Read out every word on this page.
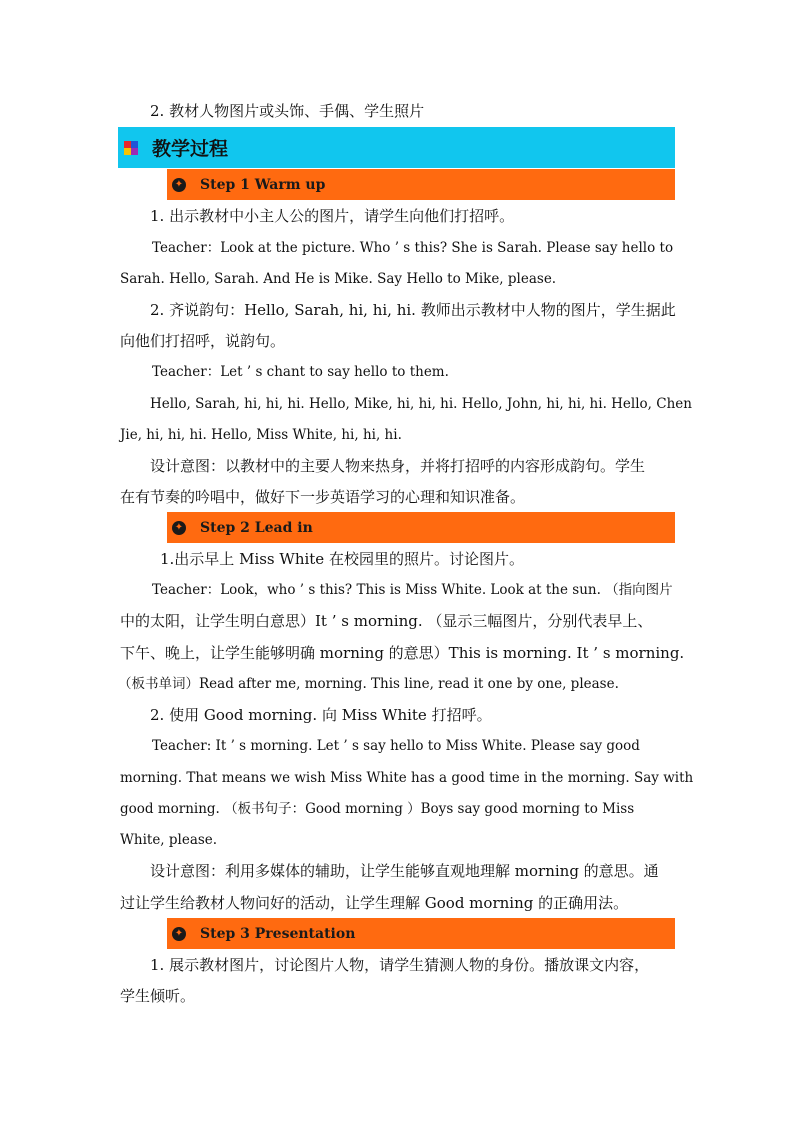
2. 教材人物图片或头饰、手偶、学生照片
教学过程
✦ Step 1 Warm up
1. 出示教材中小主人公的图片，请学生向他们打招呼。
Teacher：Look at the picture. Who ’ s this? She is Sarah. Please say hello to
Sarah. Hello, Sarah. And He is Mike. Say Hello to Mike, please.
2. 齐说韵句：Hello, Sarah, hi, hi, hi. 教师出示教材中人物的图片，学生据此
向他们打招呼，说韵句。
Teacher：Let ’ s chant to say hello to them.
Hello, Sarah, hi, hi, hi. Hello, Mike, hi, hi, hi. Hello, John, hi, hi, hi. Hello, Chen
Jie, hi, hi, hi. Hello, Miss White, hi, hi, hi.
设计意图：以教材中的主要人物来热身，并将打招呼的内容形成韵句。学生
在有节奏的吟唱中，做好下一步英语学习的心理和知识准备。
✦ Step 2 Lead in
1.出示早上 Miss White 在校园里的照片。讨论图片。
Teacher：Look，who ’ s this? This is Miss White. Look at the sun. （指向图片
中的太阳，让学生明白意思）It ’ s morning. （显示三幅图片，分别代表早上、
下午、晚上，让学生能够明确 morning 的意思）This is morning. It ’ s morning.
（板书单词）Read after me, morning. This line, read it one by one, please.
2. 使用 Good morning. 向 Miss White 打招呼。
Teacher: It ’ s morning. Let ’ s say hello to Miss White. Please say good
morning. That means we wish Miss White has a good time in the morning. Say with
good morning. （板书句子：Good morning ）Boys say good morning to Miss
White, please.
设计意图：利用多媒体的辅助，让学生能够直观地理解 morning 的意思。通
过让学生给教材人物问好的活动，让学生理解 Good morning 的正确用法。
✦ Step 3 Presentation
1. 展示教材图片，讨论图片人物，请学生猜测人物的身份。播放课文内容，
学生倾听。
